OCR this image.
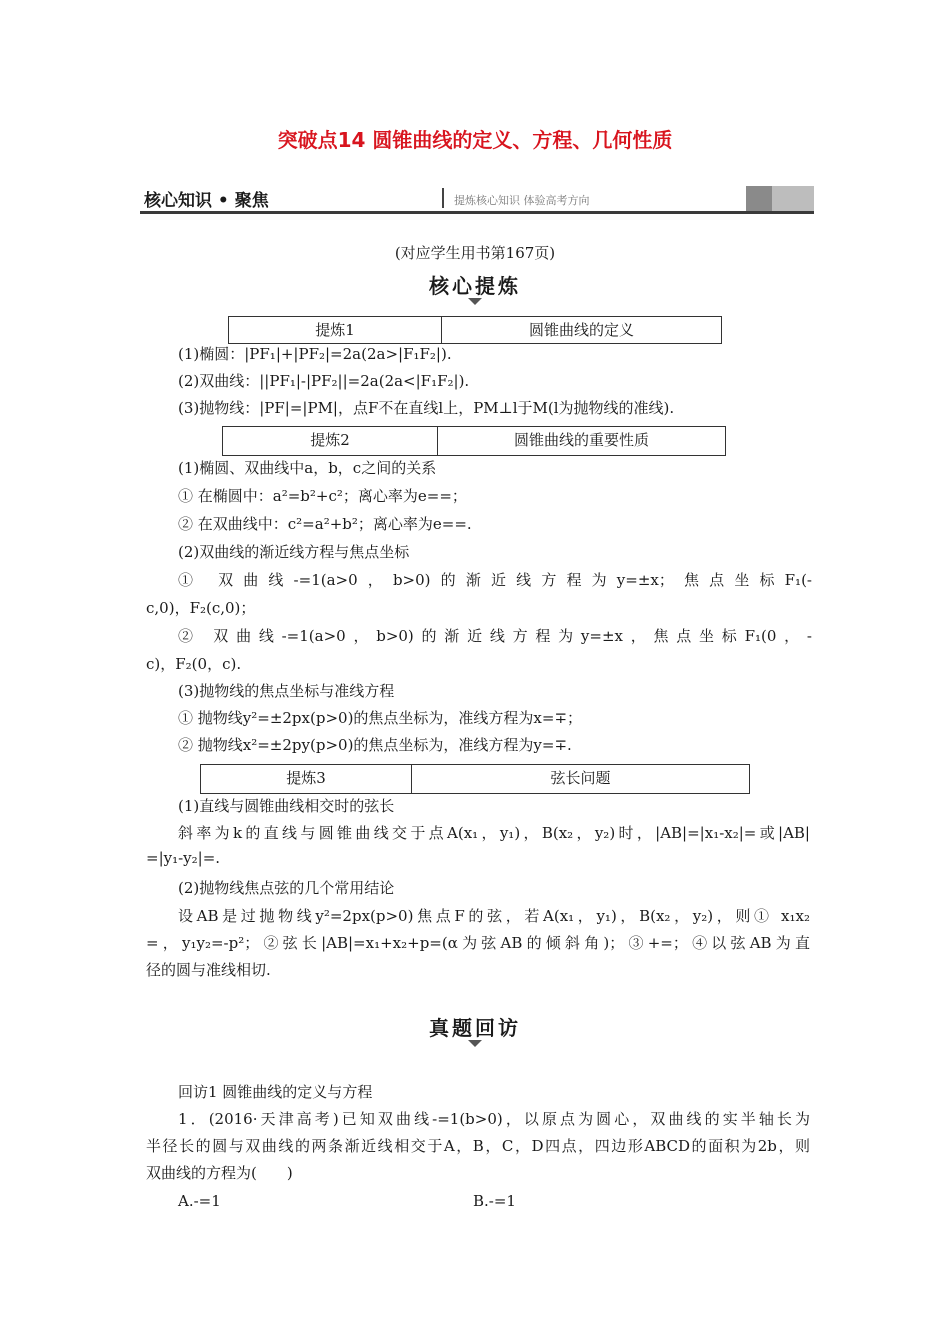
突破点14 圆锥曲线的定义、方程、几何性质
核心知识 • 聚焦	提炼核心知识 体验高考方向
(对应学生用书第167页)
核心提炼
提炼1	圆锥曲线的定义
(1)椭圆：|PF₁|+|PF₂|=2a(2a>|F₁F₂|).
(2)双曲线：||PF₁|-|PF₂||=2a(2a<|F₁F₂|).
(3)抛物线：|PF|=|PM|，点F不在直线l上，PM⊥l于M(l为抛物线的准线).
提炼2	圆锥曲线的重要性质
(1)椭圆、双曲线中a，b，c之间的关系
① 在椭圆中：a²=b²+c²；离心率为e==；
② 在双曲线中：c²=a²+b²；离心率为e==.
(2)双曲线的渐近线方程与焦点坐标
① 双曲线-=1(a>0，b>0)的渐近线方程为y=±x；焦点坐标F₁(-
c,0)，F₂(c,0)；
② 双曲线-=1(a>0，b>0)的渐近线方程为y=±x，焦点坐标F₁(0，-
c)，F₂(0，c).
(3)抛物线的焦点坐标与准线方程
① 抛物线y²=±2px(p>0)的焦点坐标为，准线方程为x=∓；
② 抛物线x²=±2py(p>0)的焦点坐标为，准线方程为y=∓.
提炼3	弦长问题
(1)直线与圆锥曲线相交时的弦长
斜率为k的直线与圆锥曲线交于点A(x₁，y₁)，B(x₂，y₂)时，|AB|=|x₁-x₂|=或|AB|
=|y₁-y₂|=.
(2)抛物线焦点弦的几个常用结论
设AB是过抛物线y²=2px(p>0)焦点F的弦，若A(x₁，y₁)，B(x₂，y₂)，则① x₁x₂
=，y₁y₂=-p²；②弦长|AB|=x₁+x₂+p=(α为弦AB的倾斜角)；③+=；④以弦AB为直
径的圆与准线相切.
真题回访
回访1 圆锥曲线的定义与方程
1．(2016·天津高考)已知双曲线-=1(b>0)，以原点为圆心，双曲线的实半轴长为
半径长的圆与双曲线的两条渐近线相交于A，B，C，D四点，四边形ABCD的面积为2b，则
双曲线的方程为(　　)
A.-=1	B.-=1
